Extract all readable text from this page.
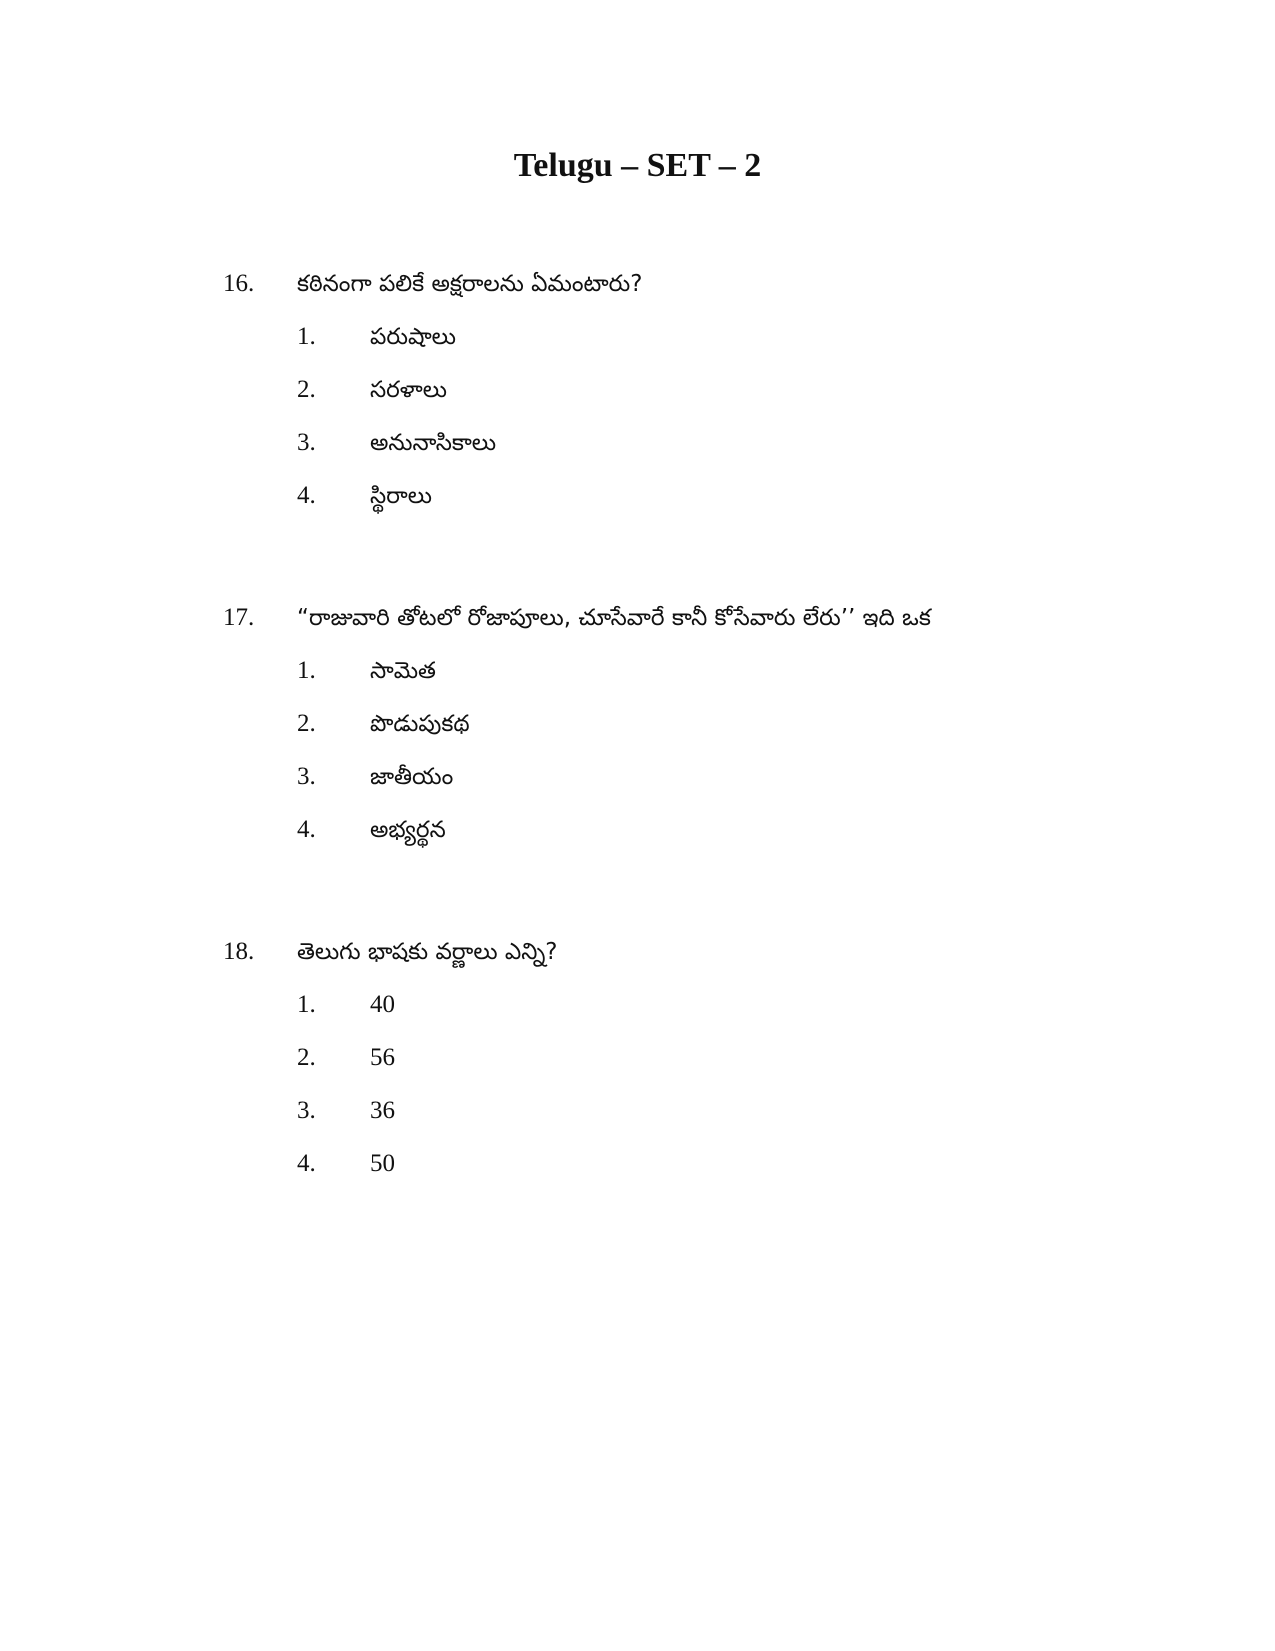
Telugu – SET – 2
16. కఠినంగా పలికే అక్షరాలను ఏమంటారు?
1. పరుషాలు
2. సరళాలు
3. అనునాసికాలు
4. స్థిరాలు
17. “రాజువారి తోటలో రోజాపూలు, చూసేవారే కానీ కోసేవారు లేరు’’ ఇది ఒక
1. సామెత
2. పొడుపుకథ
3. జాతీయం
4. అభ్యర్థన
18. తెలుగు భాషకు వర్ణాలు ఎన్ని?
1. 40
2. 56
3. 36
4. 50
